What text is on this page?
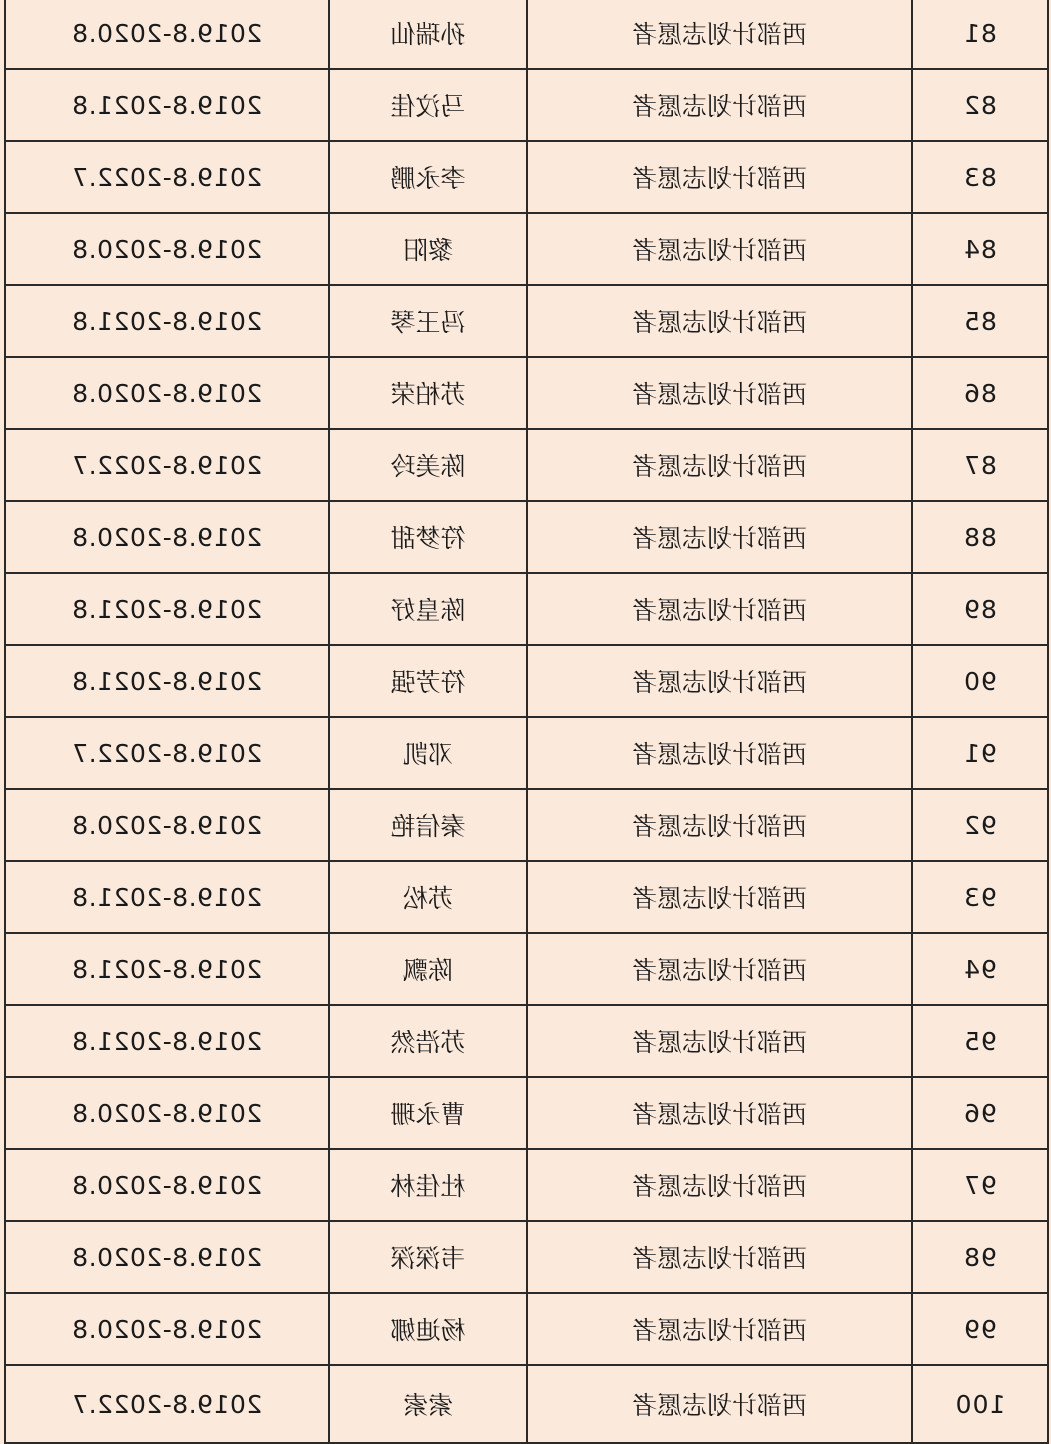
81	西部计划志愿者	孙瑞仙	2019.8-2020.8
82	西部计划志愿者	马汶佳	2019.8-2021.8
83	西部计划志愿者	李永鹏	2019.8-2022.7
84	西部计划志愿者	黎阳	2019.8-2020.8
85	西部计划志愿者	冯王琴	2019.8-2021.8
86	西部计划志愿者	苏柏荣	2019.8-2020.8
87	西部计划志愿者	陈美玲	2019.8-2022.7
88	西部计划志愿者	符梦甜	2019.8-2020.8
89	西部计划志愿者	陈皇妤	2019.8-2021.8
90	西部计划志愿者	符芳强	2019.8-2021.8
91	西部计划志愿者	邓凯	2019.8-2022.7
92	西部计划志愿者	秦信艳	2019.8-2020.8
93	西部计划志愿者	苏松	2019.8-2021.8
94	西部计划志愿者	陈飘	2019.8-2021.8
95	西部计划志愿者	苏浩然	2019.8-2021.8
96	西部计划志愿者	曹永珊	2019.8-2020.8
97	西部计划志愿者	杜佳林	2019.8-2020.8
98	西部计划志愿者	韦深深	2019.8-2020.8
99	西部计划志愿者	杨迪娜	2019.8-2020.8
100	西部计划志愿者	索索	2019.8-2022.7
